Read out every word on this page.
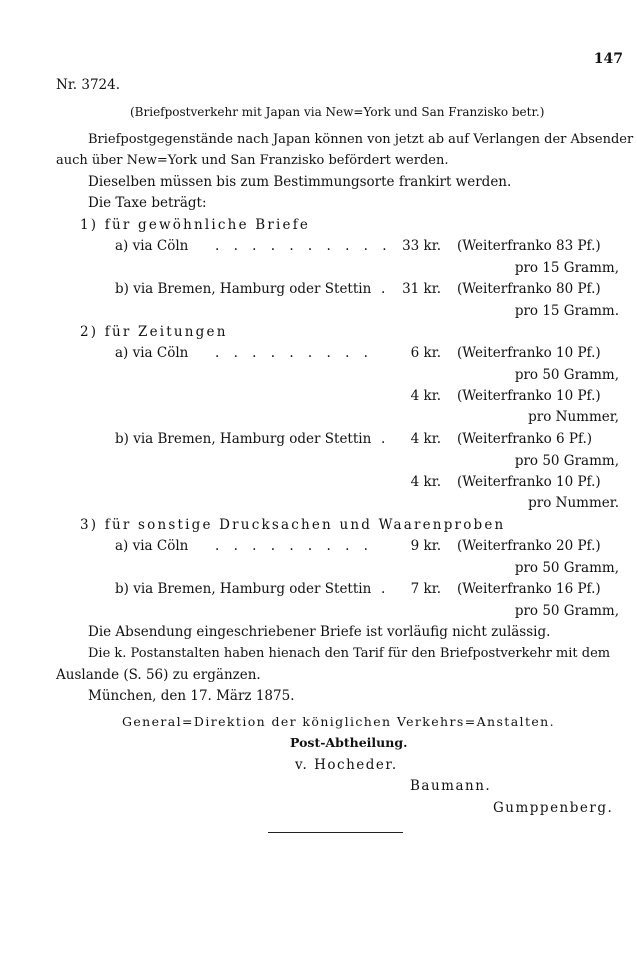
147
Nr. 3724.
(Briefpostverkehr mit Japan via New=York und San Franzisko betr.)
Briefpostgegenstände nach Japan können von jetzt ab auf Verlangen der Absender
auch über New=York und San Franzisko befördert werden.
Dieselben müssen bis zum Bestimmungsorte frankirt werden.
Die Taxe beträgt:
1) für gewöhnliche Briefe
a) via Cöln . . . . . . . . . . 33 kr. (Weiterfranko 83 Pf.)
pro 15 Gramm,
b) via Bremen, Hamburg oder Stettin . 31 kr. (Weiterfranko 80 Pf.)
pro 15 Gramm.
2) für Zeitungen
a) via Cöln . . . . . . . . .	6 kr. (Weiterfranko 10 Pf.)
pro 50 Gramm,
4 kr. (Weiterfranko 10 Pf.)
pro Nummer,
b) via Bremen, Hamburg oder Stettin . 4 kr. (Weiterfranko 6 Pf.)
pro 50 Gramm,
4 kr. (Weiterfranko 10 Pf.)
pro Nummer.
3) für sonstige Drucksachen und Waarenproben
a) via Cöln . . . . . . . . .	9 kr. (Weiterfranko 20 Pf.)
pro 50 Gramm,
b) via Bremen, Hamburg oder Stettin . 7 kr. (Weiterfranko 16 Pf.)
pro 50 Gramm,
Die Absendung eingeschriebener Briefe ist vorläufig nicht zulässig.
Die k. Postanstalten haben hienach den Tarif für den Briefpostverkehr mit dem
Auslande (S. 56) zu ergänzen.
München, den 17. März 1875.
General=Direktion der königlichen Verkehrs=Anstalten.
Post-Abtheilung.
v. Hocheder.
Baumann.
Gumppenberg.
